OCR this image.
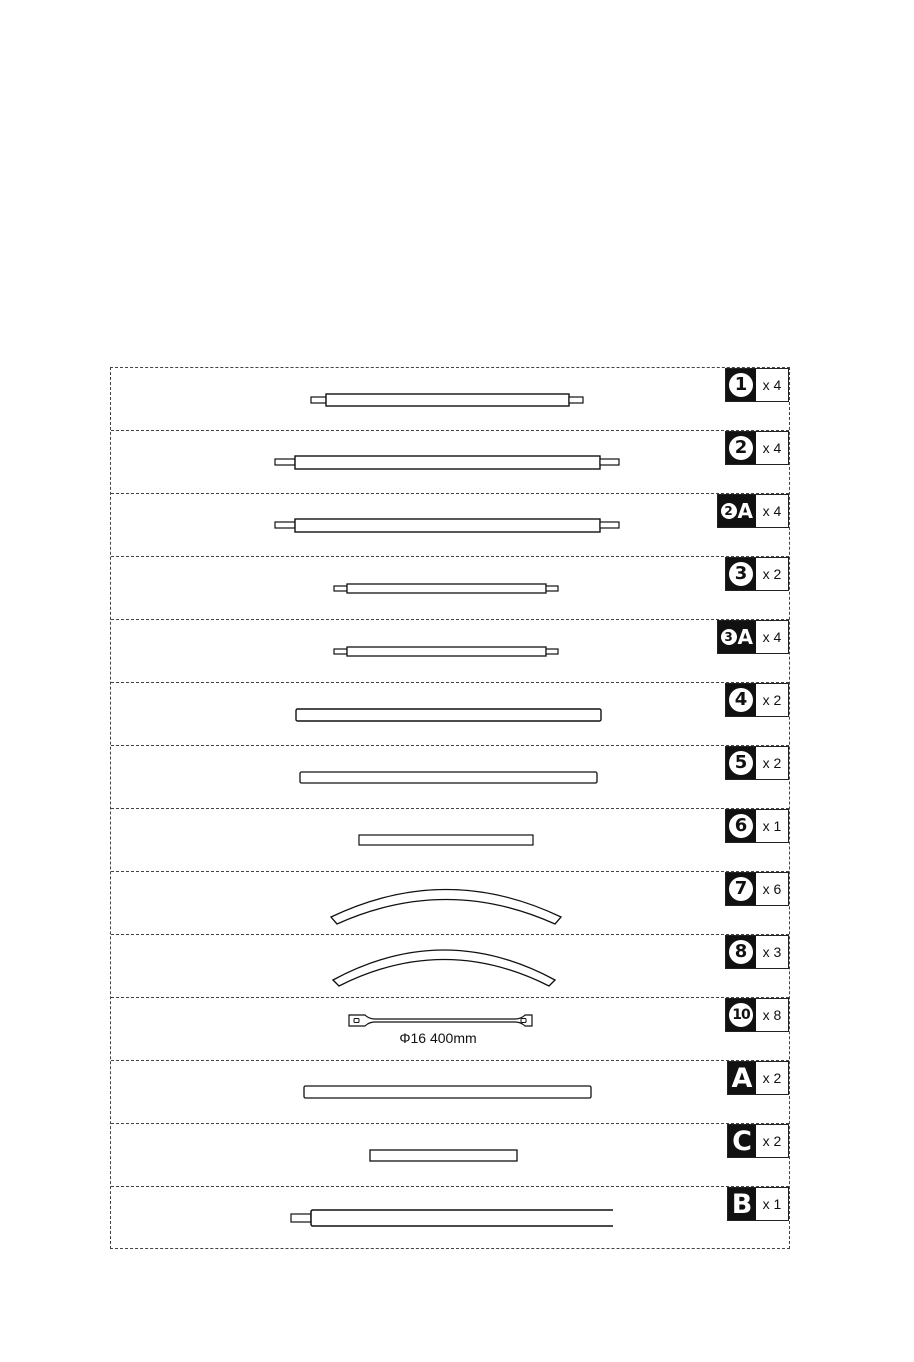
1	x 4
2	x 4
2 A x 4
3	x 2
3 A x 4
4	x 2
5	x 2
6	x 1
7	x 6
8	x 3
Φ16 400mm
10 x 8
A x 2
C x 2
B x 1
